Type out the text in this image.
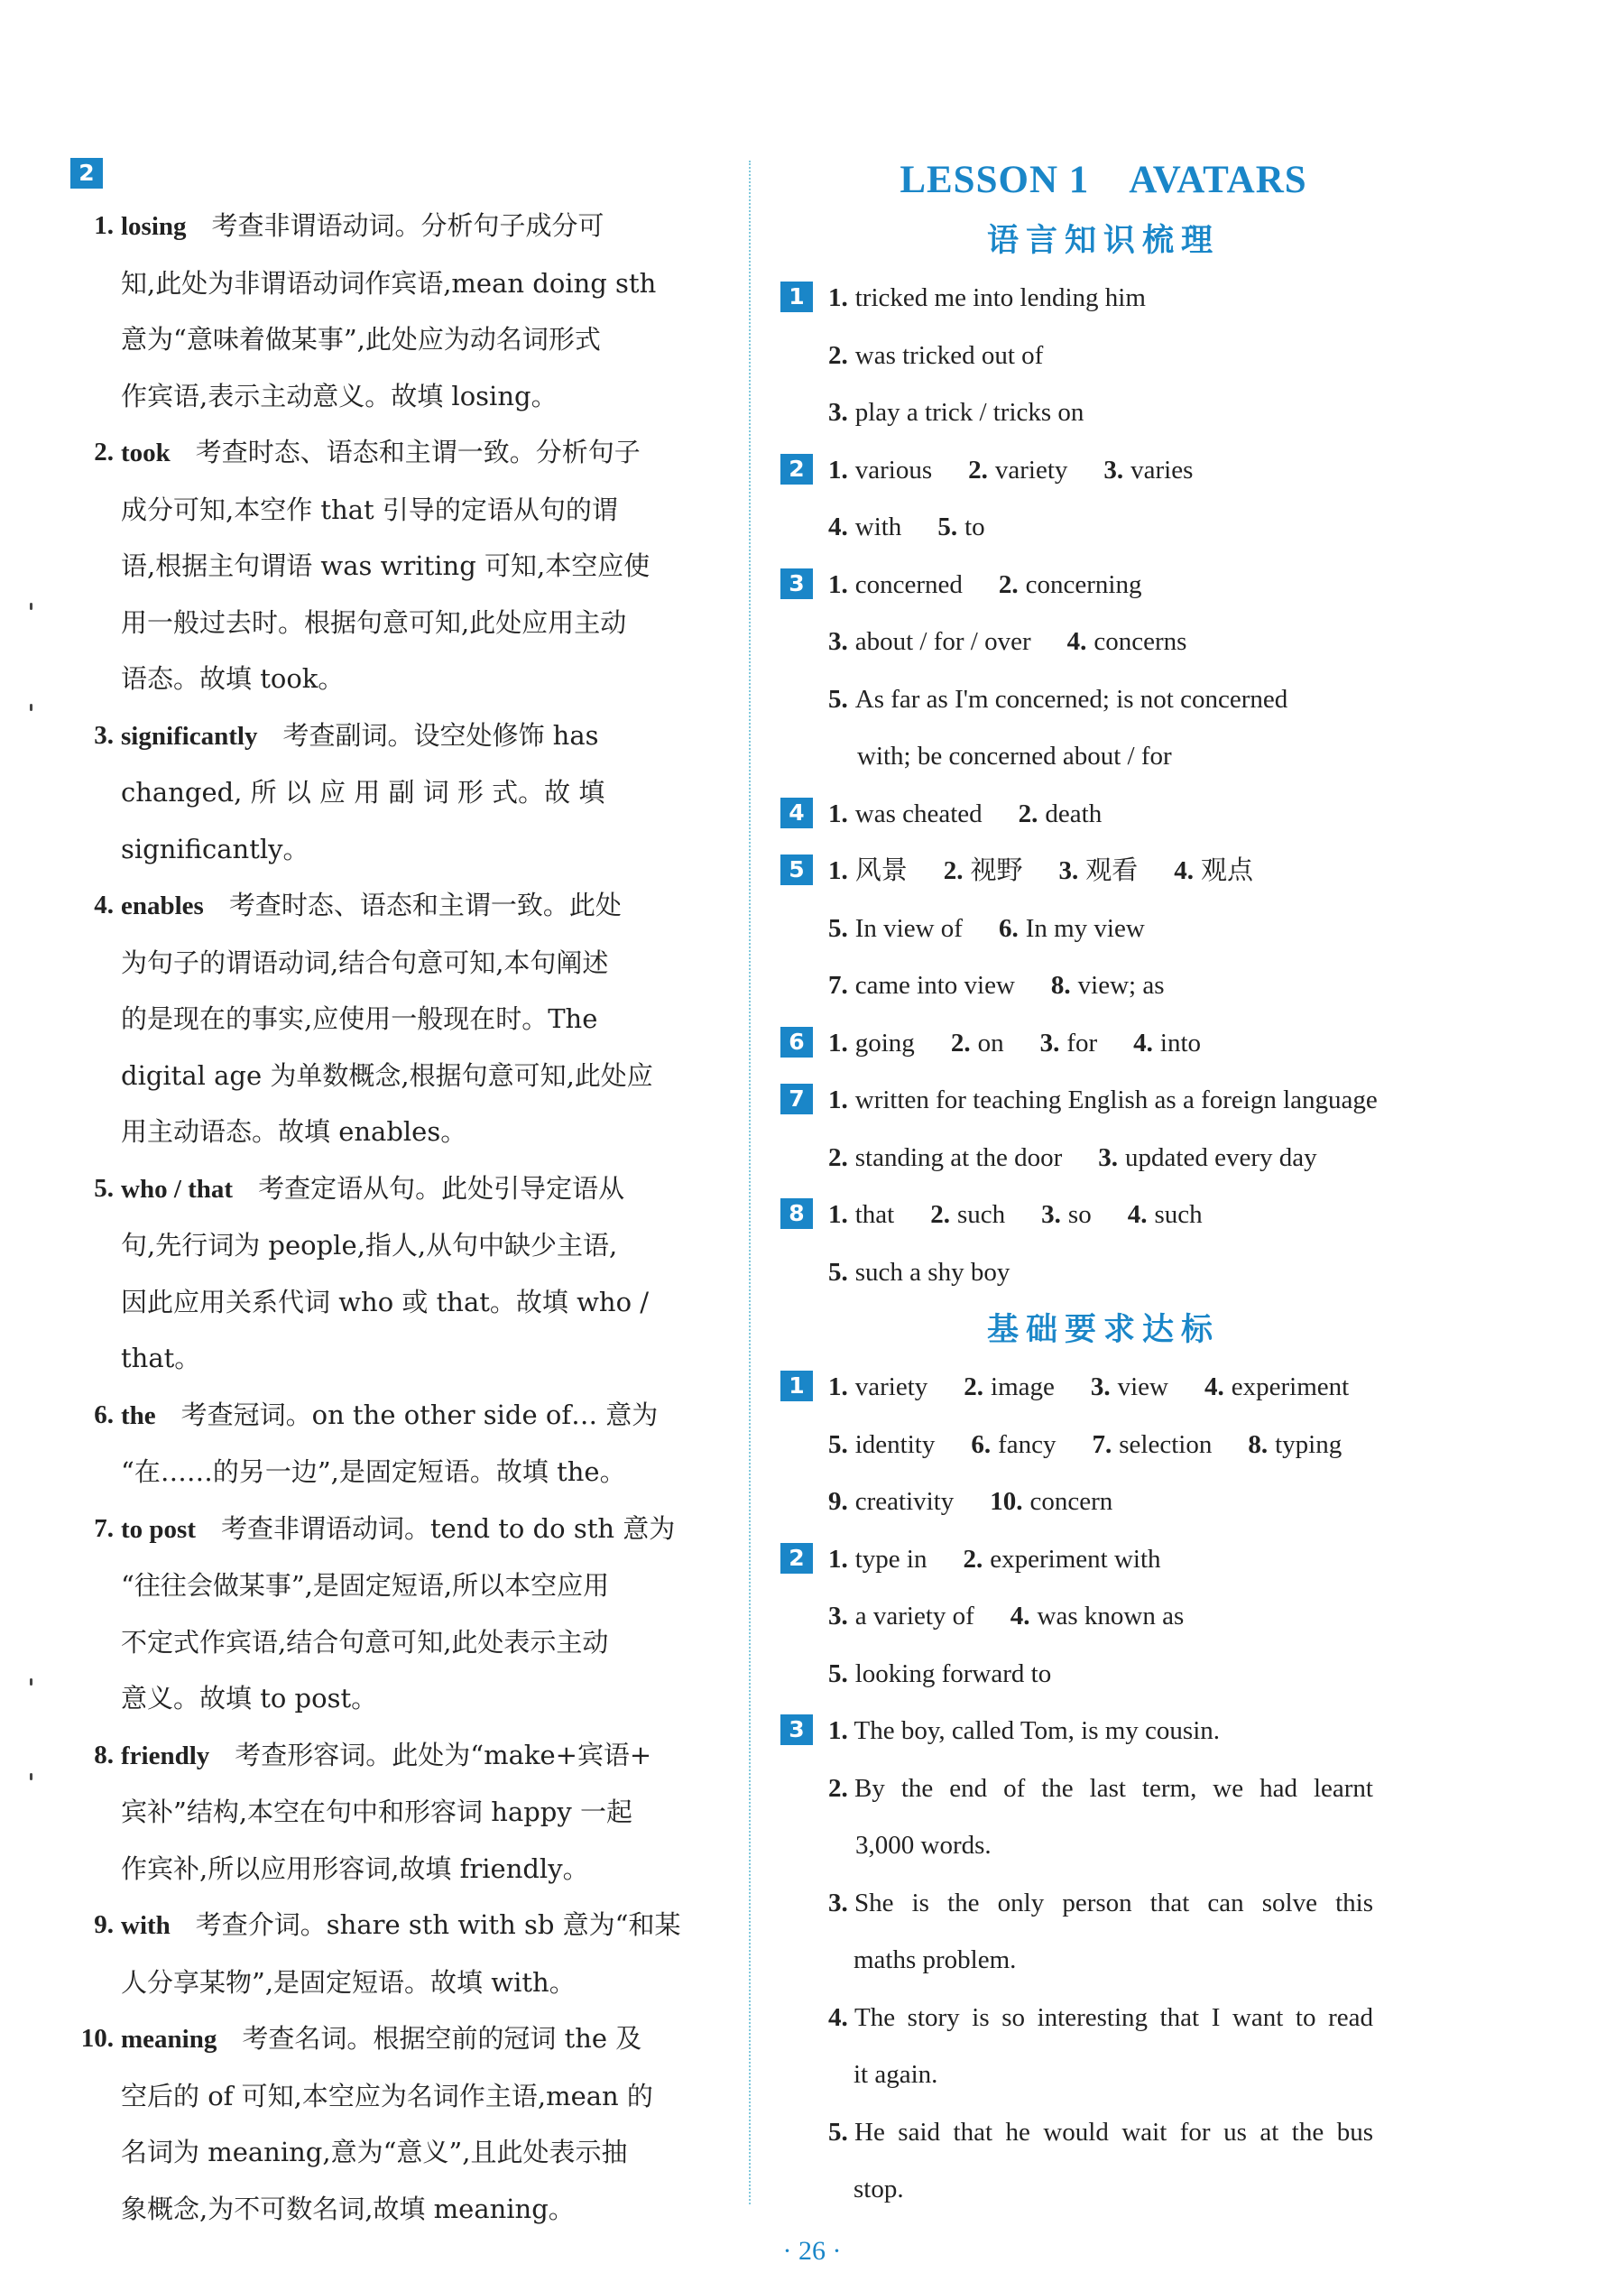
2
1. losing 考查非谓语动词。分析句子成分可
知,此处为非谓语动词作宾语,mean doing sth
意为“意味着做某事”,此处应为动名词形式
作宾语,表示主动意义。故填 losing。
2. took 考查时态、语态和主谓一致。分析句子
成分可知,本空作 that 引导的定语从句的谓
语,根据主句谓语 was writing 可知,本空应使
用一般过去时。根据句意可知,此处应用主动
语态。故填 took。
3. significantly 考查副词。设空处修饰 has
changed, 所 以 应 用 副 词 形 式。故 填
significantly。
4. enables 考查时态、语态和主谓一致。此处
为句子的谓语动词,结合句意可知,本句阐述
的是现在的事实,应使用一般现在时。The
digital age 为单数概念,根据句意可知,此处应
用主动语态。故填 enables。
5. who / that 考查定语从句。此处引导定语从
句,先行词为 people,指人,从句中缺少主语,
因此应用关系代词 who 或 that。故填 who /
that。
6. the 考查冠词。on the other side of… 意为
“在……的另一边”,是固定短语。故填 the。
7. to post 考查非谓语动词。tend to do sth 意为
“往往会做某事”,是固定短语,所以本空应用
不定式作宾语,结合句意可知,此处表示主动
意义。故填 to post。
8. friendly 考查形容词。此处为“make+宾语+
宾补”结构,本空在句中和形容词 happy 一起
作宾补,所以应用形容词,故填 friendly。
9. with 考查介词。share sth with sb 意为“和某
人分享某物”,是固定短语。故填 with。
10. meaning 考查名词。根据空前的冠词 the 及
空后的 of 可知,本空应为名词作主语,mean 的
名词为 meaning,意为“意义”,且此处表示抽
象概念,为不可数名词,故填 meaning。
LESSON 1 AVATARS
语言知识梳理
1 1. tricked me into lending him
2. was tricked out of
3. play a trick / tricks on
2 1. various 2. variety 3. varies
4. with 5. to
3 1. concerned 2. concerning
3. about / for / over 4. concerns
5. As far as I'm concerned; is not concerned
with; be concerned about / for
4 1. was cheated 2. death
5 1. 风景 2. 视野 3. 观看 4. 观点
5. In view of 6. In my view
7. came into view 8. view; as
6 1. going 2. on 3. for 4. into
7 1. written for teaching English as a foreign language
2. standing at the door 3. updated every day
8 1. that 2. such 3. so 4. such
5. such a shy boy
基础要求达标
1 1. variety 2. image 3. view 4. experiment
5. identity 6. fancy 7. selection 8. typing
9. creativity 10. concern
2 1. type in 2. experiment with
3. a variety of 4. was known as
5. looking forward to
3 1. The boy, called Tom, is my cousin.
2. By the end of the last term, we had learnt
3,000 words.
3. She is the only person that can solve this
maths problem.
4. The story is so interesting that I want to read
it again.
5. He said that he would wait for us at the bus
stop.
· 26 ·
